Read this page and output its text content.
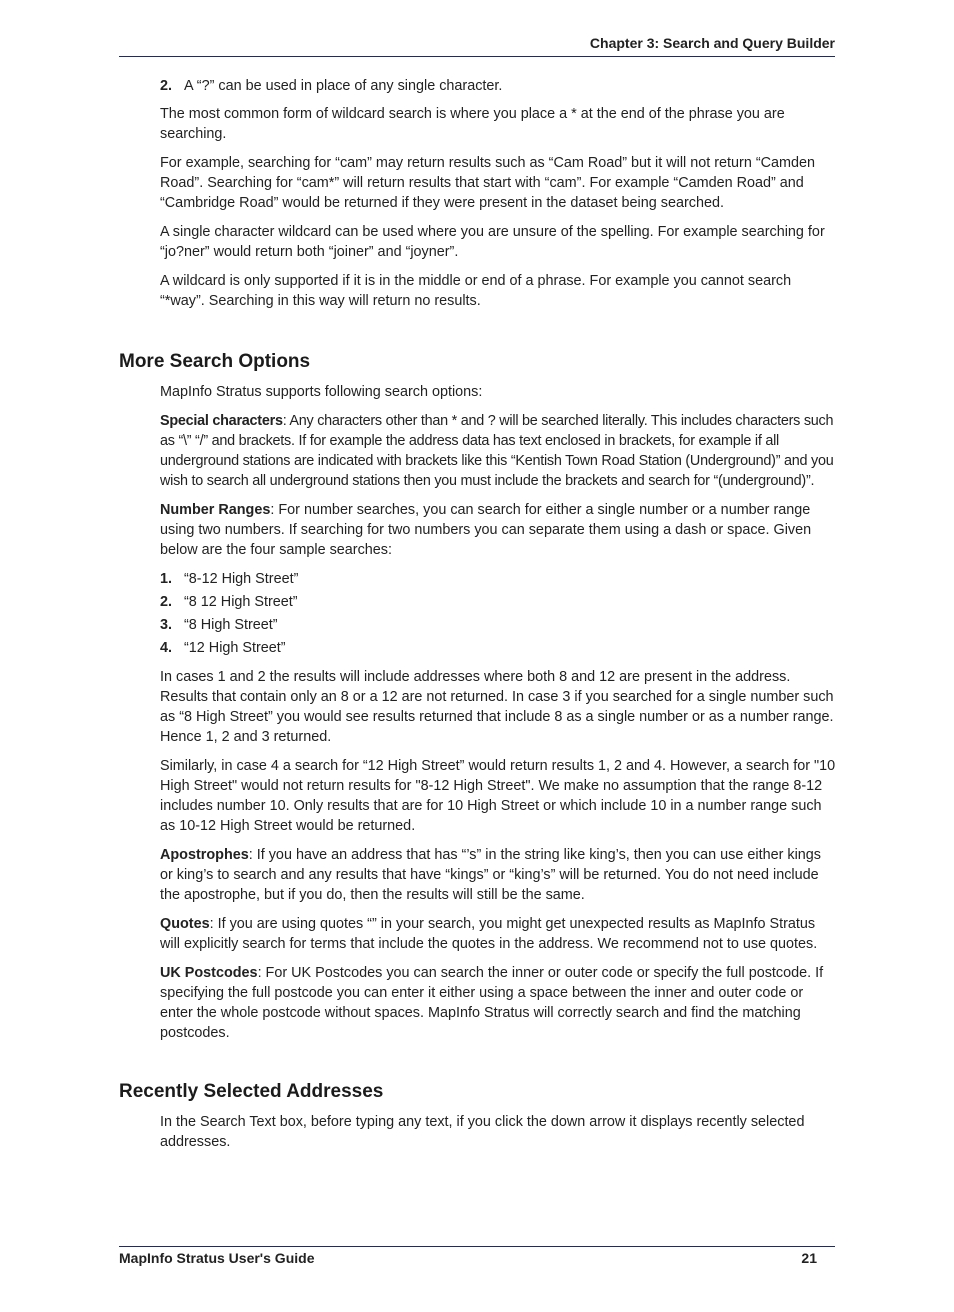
Chapter 3: Search and Query Builder
2. A “?” can be used in place of any single character.

The most common form of wildcard search is where you place a * at the end of the phrase you are searching.

For example, searching for “cam” may return results such as “Cam Road” but it will not return “Camden Road”. Searching for “cam*” will return results that start with “cam”. For example “Camden Road” and “Cambridge Road” would be returned if they were present in the dataset being searched.

A single character wildcard can be used where you are unsure of the spelling. For example searching for “jo?ner” would return both “joiner” and “joyner”.

A wildcard is only supported if it is in the middle or end of a phrase. For example you cannot search “*way”. Searching in this way will return no results.

More Search Options

MapInfo Stratus supports following search options:

Special characters: Any characters other than * and ? will be searched literally. This includes characters such as “\” “/” and brackets. If for example the address data has text enclosed in brackets, for example if all underground stations are indicated with brackets like this “Kentish Town Road Station (Underground)” and you wish to search all underground stations then you must include the brackets and search for “(underground)”.

Number Ranges: For number searches, you can search for either a single number or a number range using two numbers. If searching for two numbers you can separate them using a dash or space. Given below are the four sample searches:

1. “8-12 High Street”
2. “8 12 High Street”
3. “8 High Street”
4. “12 High Street”

In cases 1 and 2 the results will include addresses where both 8 and 12 are present in the address. Results that contain only an 8 or a 12 are not returned. In case 3 if you searched for a single number such as “8 High Street” you would see results returned that include 8 as a single number or as a number range. Hence 1, 2 and 3 returned.

Similarly, in case 4 a search for “12 High Street” would return results 1, 2 and 4. However, a search for "10 High Street" would not return results for "8-12 High Street". We make no assumption that the range 8-12 includes number 10. Only results that are for 10 High Street or which include 10 in a number range such as 10-12 High Street would be returned.

Apostrophes: If you have an address that has “’s” in the string like king’s, then you can use either kings or king’s to search and any results that have “kings” or “king’s” will be returned. You do not need include the apostrophe, but if you do, then the results will still be the same.

Quotes: If you are using quotes “” in your search, you might get unexpected results as MapInfo Stratus will explicitly search for terms that include the quotes in the address. We recommend not to use quotes.

UK Postcodes: For UK Postcodes you can search the inner or outer code or specify the full postcode. If specifying the full postcode you can enter it either using a space between the inner and outer code or enter the whole postcode without spaces. MapInfo Stratus will correctly search and find the matching postcodes.

Recently Selected Addresses

In the Search Text box, before typing any text, if you click the down arrow it displays recently selected addresses.

MapInfo Stratus User's Guide	21
